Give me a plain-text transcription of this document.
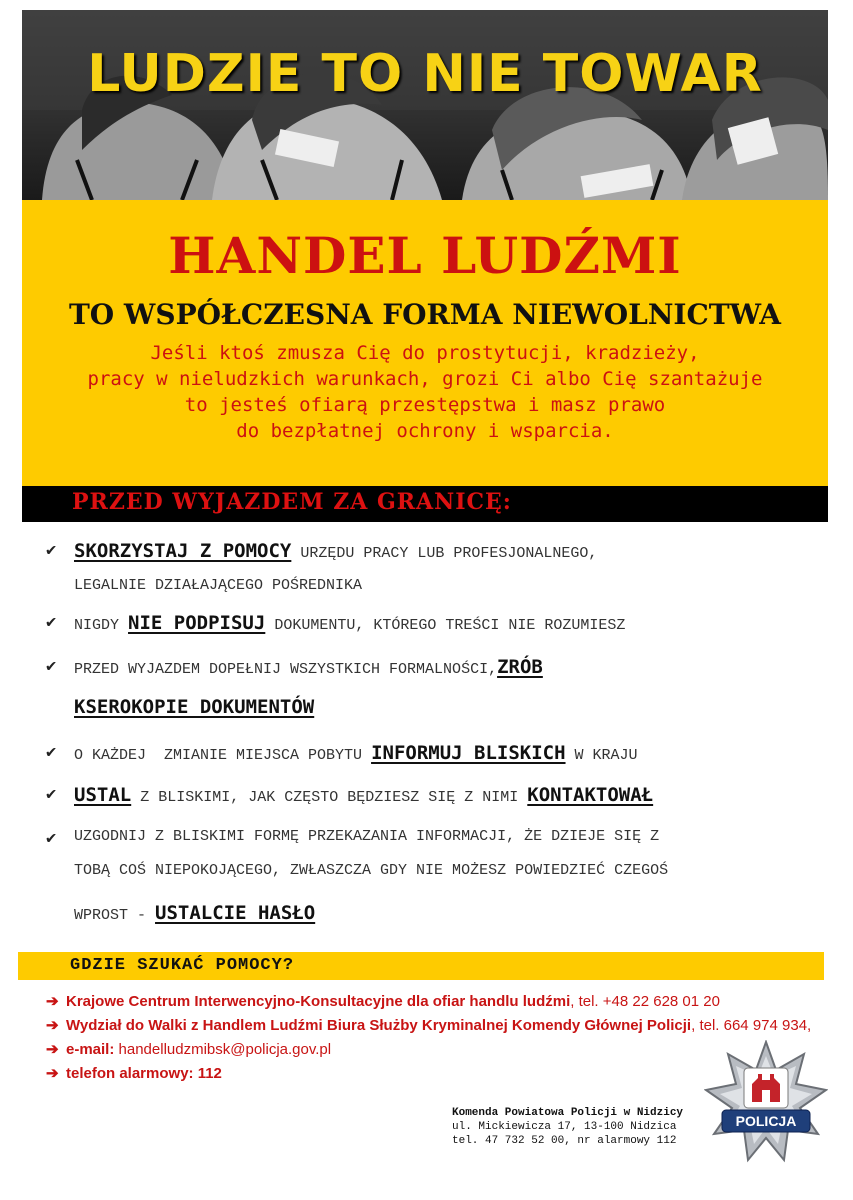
LUDZIE TO NIE TOWAR
HANDEL LUDŹMI
TO WSPÓŁCZESNA FORMA NIEWOLNICTWA
Jeśli ktoś zmusza Cię do prostytucji, kradzieży,
pracy w nieludzkich warunkach, grozi Ci albo Cię szantażuje
to jesteś ofiarą przestępstwa i masz prawo
do bezpłatnej ochrony i wsparcia.
PRZED WYJAZDEM ZA GRANICĘ:
✔ SKORZYSTAJ Z POMOCY URZĘDU PRACY LUB PROFESJONALNEGO,
LEGALNIE DZIAŁAJĄCEGO POŚREDNIKA
✔ NIGDY NIE PODPISUJ DOKUMENTU, KTÓREGO TREŚCI NIE ROZUMIESZ
✔ PRZED WYJAZDEM DOPEŁNIJ WSZYSTKICH FORMALNOŚCI,ZRÓB
KSEROKOPIE DOKUMENTÓW
✔ O KAŻDEJ  ZMIANIE MIEJSCA POBYTU INFORMUJ BLISKICH W KRAJU
✔ USTAL Z BLISKIMI, JAK CZĘSTO BĘDZIESZ SIĘ Z NIMI KONTAKTOWAŁ
✔ UZGODNIJ Z BLISKIMI FORMĘ PRZEKAZANIA INFORMACJI, ŻE DZIEJE SIĘ Z
TOBĄ COŚ NIEPOKOJĄCEGO, ZWŁASZCZA GDY NIE MOŻESZ POWIEDZIEĆ CZEGOŚ
WPROST - USTALCIE HASŁO
GDZIE SZUKAĆ POMOCY?
➔ Krajowe Centrum Interwencyjno-Konsultacyjne dla ofiar handlu ludźmi, tel. +48 22 628 01 20
➔ Wydział do Walki z Handlem Ludźmi Biura Służby Kryminalnej Komendy Głównej Policji, tel. 664 974 934,
➔ e-mail: handelludzmibsk@policja.gov.pl
➔ telefon alarmowy: 112
Komenda Powiatowa Policji w Nidzicy
ul. Mickiewicza 17, 13-100 Nidzica
tel. 47 732 52 00, nr alarmowy 112
POLICJA
